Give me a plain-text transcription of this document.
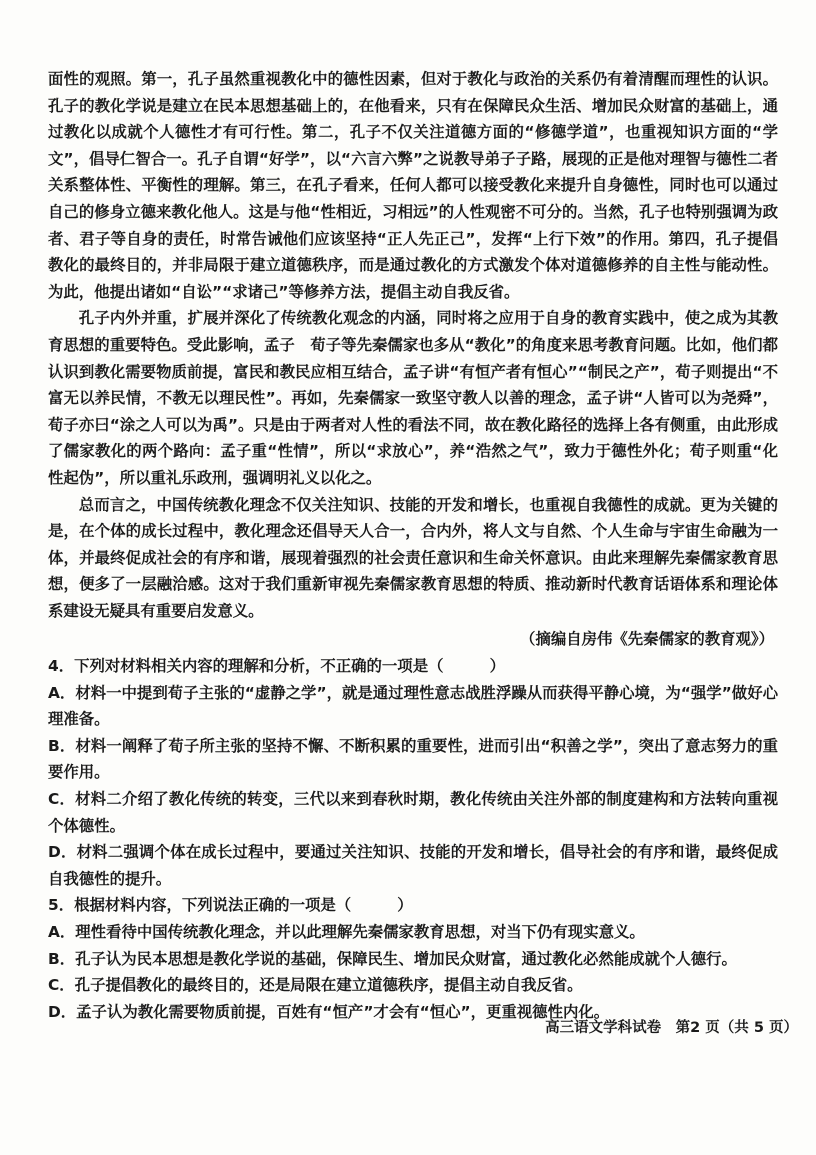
面性的观照。第一，孔子虽然重视教化中的德性因素，但对于教化与政治的关系仍有着清醒而理性的认识。孔子的教化学说是建立在民本思想基础上的，在他看来，只有在保障民众生活、增加民众财富的基础上，通过教化以成就个人德性才有可行性。第二，孔子不仅关注道德方面的“修德学道”，也重视知识方面的“学文”，倡导仁智合一。孔子自谓“好学”，以“六言六弊”之说教导弟子子路，展现的正是他对理智与德性二者关系整体性、平衡性的理解。第三，在孔子看来，任何人都可以接受教化来提升自身德性，同时也可以通过自己的修身立德来教化他人。这是与他“性相近，习相远”的人性观密不可分的。当然，孔子也特别强调为政者、君子等自身的责任，时常告诫他们应该坚持“正人先正己”，发挥“上行下效”的作用。第四，孔子提倡教化的最终目的，并非局限于建立道德秩序，而是通过教化的方式激发个体对道德修养的自主性与能动性。为此，他提出诸如“自讼”“求诸己”等修养方法，提倡主动自我反省。

孔子内外并重，扩展并深化了传统教化观念的内涵，同时将之应用于自身的教育实践中，使之成为其教育思想的重要特色。受此影响，孟子　荀子等先秦儒家也多从“教化”的角度来思考教育问题。比如，他们都认识到教化需要物质前提，富民和教民应相互结合，孟子讲“有恒产者有恒心”“制民之产”，荀子则提出“不富无以养民情，不教无以理民性”。再如，先秦儒家一致坚守教人以善的理念，孟子讲“人皆可以为尧舜”，荀子亦曰“涂之人可以为禹”。只是由于两者对人性的看法不同，故在教化路径的选择上各有侧重，由此形成了儒家教化的两个路向：孟子重“性情”，所以“求放心”，养“浩然之气”，致力于德性外化；荀子则重“化性起伪”，所以重礼乐政刑，强调明礼义以化之。

总而言之，中国传统教化理念不仅关注知识、技能的开发和增长，也重视自我德性的成就。更为关键的是，在个体的成长过程中，教化理念还倡导天人合一，合内外，将人文与自然、个人生命与宇宙生命融为一体，并最终促成社会的有序和谐，展现着强烈的社会责任意识和生命关怀意识。由此来理解先秦儒家教育思想，便多了一层融洽感。这对于我们重新审视先秦儒家教育思想的特质、推动新时代教育话语体系和理论体系建设无疑具有重要启发意义。

（摘编自房伟《先秦儒家的教育观》）

4．下列对材料相关内容的理解和分析，不正确的一项是（　　　）

A．材料一中提到荀子主张的“虚静之学”，就是通过理性意志战胜浮躁从而获得平静心境，为“强学”做好心理准备。

B．材料一阐释了荀子所主张的坚持不懈、不断积累的重要性，进而引出“积善之学”，突出了意志努力的重要作用。

C．材料二介绍了教化传统的转变，三代以来到春秋时期，教化传统由关注外部的制度建构和方法转向重视个体德性。

D．材料二强调个体在成长过程中，要通过关注知识、技能的开发和增长，倡导社会的有序和谐，最终促成自我德性的提升。

5．根据材料内容，下列说法正确的一项是（　　　）

A．理性看待中国传统教化理念，并以此理解先秦儒家教育思想，对当下仍有现实意义。

B．孔子认为民本思想是教化学说的基础，保障民生、增加民众财富，通过教化必然能成就个人德行。

C．孔子提倡教化的最终目的，还是局限在建立道德秩序，提倡主动自我反省。

D．孟子认为教化需要物质前提，百姓有“恒产”才会有“恒心”，更重视德性内化。

高三语文学科试卷　第2 页（共 5 页）
